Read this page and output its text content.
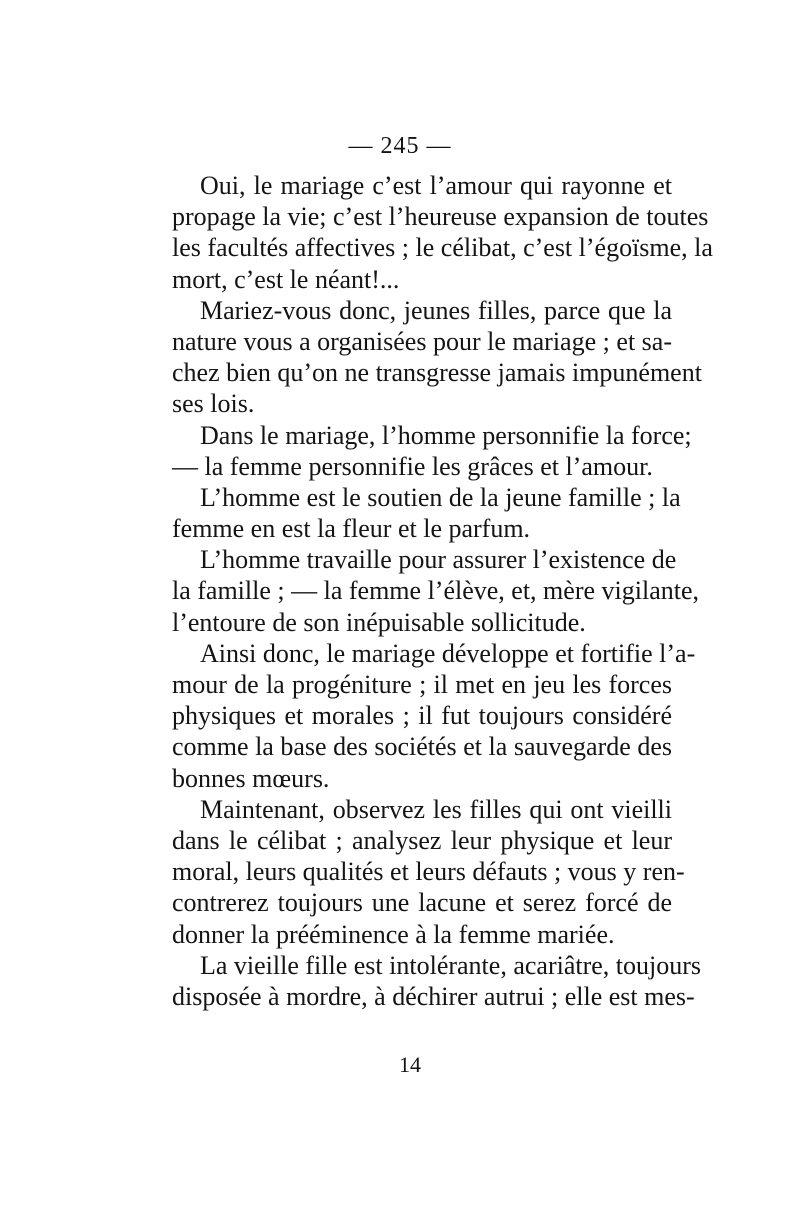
— 245 —
Oui, le mariage c’est l’amour qui rayonne et
propage la vie; c’est l’heureuse expansion de toutes
les facultés affectives ; le célibat, c’est l’égoïsme, la
mort, c’est le néant!...
Mariez-vous donc, jeunes filles, parce que la
nature vous a organisées pour le mariage ; et sa-
chez bien qu’on ne transgresse jamais impunément
ses lois.
Dans le mariage, l’homme personnifie la force;
— la femme personnifie les grâces et l’amour.
L’homme est le soutien de la jeune famille ; la
femme en est la fleur et le parfum.
L’homme travaille pour assurer l’existence de
la famille ; — la femme l’élève, et, mère vigilante,
l’entoure de son inépuisable sollicitude.
Ainsi donc, le mariage développe et fortifie l’a-
mour de la progéniture ; il met en jeu les forces
physiques et morales ; il fut toujours considéré
comme la base des sociétés et la sauvegarde des
bonnes mœurs.
Maintenant, observez les filles qui ont vieilli
dans le célibat ; analysez leur physique et leur
moral, leurs qualités et leurs défauts ; vous y ren-
contrerez toujours une lacune et serez forcé de
donner la prééminence à la femme mariée.
La vieille fille est intolérante, acariâtre, toujours
disposée à mordre, à déchirer autrui ; elle est mes-
14
